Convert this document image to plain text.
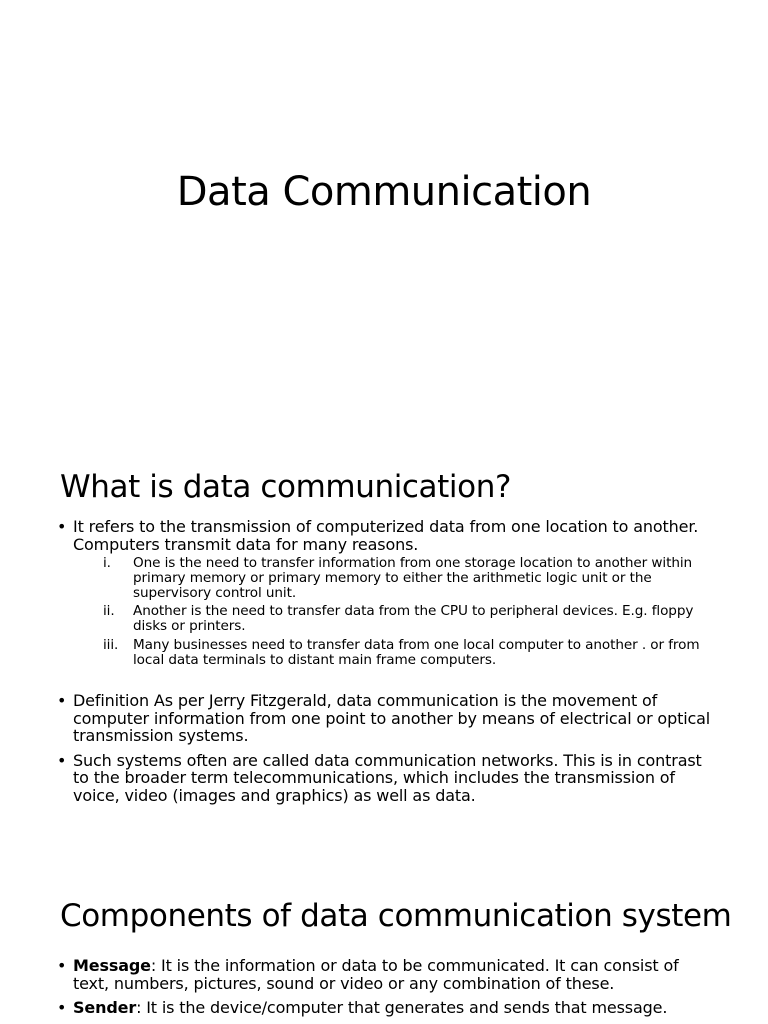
Data Communication
What is data communication?
• It refers to the transmission of computerized data from one location to another. Computers transmit data for many reasons.
i. One is the need to transfer information from one storage location to another within primary memory or primary memory to either the arithmetic logic unit or the supervisory control unit.
ii. Another is the need to transfer data from the CPU to peripheral devices. E.g. floppy disks or printers.
iii. Many businesses need to transfer data from one local computer to another . or from local data terminals to distant main frame computers.
• Definition As per Jerry Fitzgerald, data communication is the movement of computer information from one point to another by means of electrical or optical transmission systems.
• Such systems often are called data communication networks. This is in contrast to the broader term telecommunications, which includes the transmission of voice, video (images and graphics) as well as data.
Components of data communication system
• Message: It is the information or data to be communicated. It can consist of text, numbers, pictures, sound or video or any combination of these.
• Sender: It is the device/computer that generates and sends that message.
